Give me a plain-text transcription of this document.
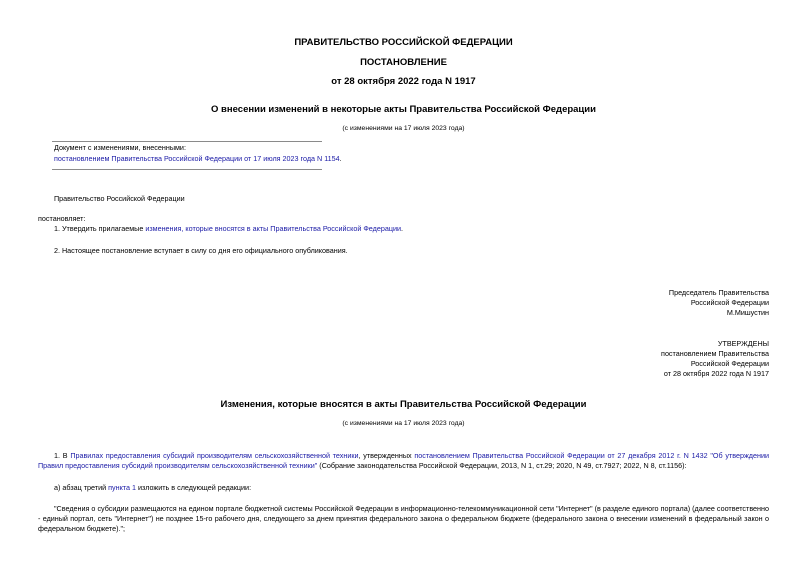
ПРАВИТЕЛЬСТВО РОССИЙСКОЙ ФЕДЕРАЦИИ
ПОСТАНОВЛЕНИЕ
от 28 октября 2022 года N 1917
О внесении изменений в некоторые акты Правительства Российской Федерации
(с изменениями на 17 июля 2023 года)
Документ с изменениями, внесенными:
постановлением Правительства Российской Федерации от 17 июля 2023 года N 1154.
Правительство Российской Федерации
постановляет:
1. Утвердить прилагаемые изменения, которые вносятся в акты Правительства Российской Федерации.
2. Настоящее постановление вступает в силу со дня его официального опубликования.
Председатель Правительства
Российской Федерации
М.Мишустин
УТВЕРЖДЕНЫ
постановлением Правительства
Российской Федерации
от 28 октября 2022 года N 1917
Изменения, которые вносятся в акты Правительства Российской Федерации
(с изменениями на 17 июля 2023 года)
1. В Правилах предоставления субсидий производителям сельскохозяйственной техники, утвержденных постановлением Правительства Российской Федерации от 27 декабря 2012 г. N 1432 "Об утверждении Правил предоставления субсидий производителям сельскохозяйственной техники" (Собрание законодательства Российской Федерации, 2013, N 1, ст.29; 2020, N 49, ст.7927; 2022, N 8, ст.1156):
а) абзац третий пункта 1 изложить в следующей редакции:
"Сведения о субсидии размещаются на едином портале бюджетной системы Российской Федерации в информационно-телекоммуникационной сети "Интернет" (в разделе единого портала) (далее соответственно - единый портал, сеть "Интернет") не позднее 15-го рабочего дня, следующего за днем принятия федерального закона о федеральном бюджете (федерального закона о внесении изменений в федеральный закон о федеральном бюджете).";
